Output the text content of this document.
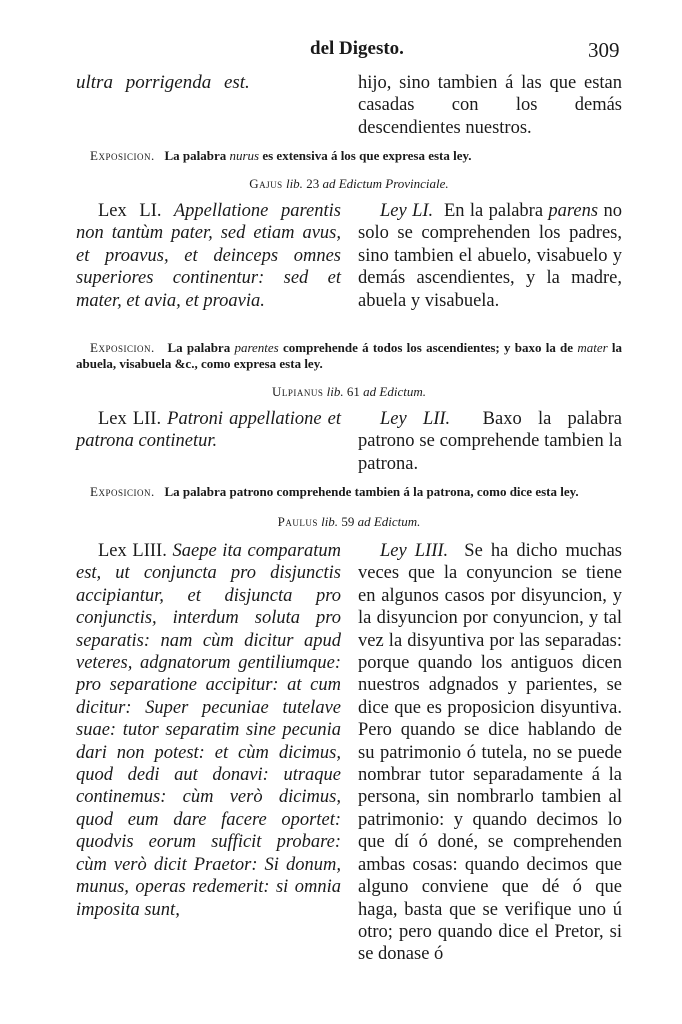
del Digesto.	309
ultra porrigenda est.	hijo, sino tambien á las que estan casadas con los demás descendientes nuestros.
Exposicion. La palabra nurus es extensiva á los que expresa esta ley.
Gajus lib. 23 ad Edictum Provinciale.
Lex LI. Appellatione parentis non tantùm pater, sed etiam avus, et proavus, et deinceps omnes superiores continentur: sed et mater, et avia, et proavia.
Ley LI. En la palabra parens no solo se comprehenden los padres, sino tambien el abuelo, visabuelo y demás ascendientes, y la madre, abuela y visabuela.
Exposicion. La palabra parentes comprehende á todos los ascendientes; y baxo la de mater la abuela, visabuela &c., como expresa esta ley.
Ulpianus lib. 61 ad Edictum.
Lex LII. Patroni appellatione et patrona continetur.
Ley LII. Baxo la palabra patrono se comprehende tambien la patrona.
Exposicion. La palabra patrono comprehende tambien á la patrona, como dice esta ley.
Paulus lib. 59 ad Edictum.
Lex LIII. Saepe ita comparatum est, ut conjuncta pro disjunctis accipiantur, et disjuncta pro conjunctis, interdum soluta pro separatis: nam cùm dicitur apud veteres, adgnatorum gentiliumque: pro separatione accipitur: at cum dicitur: Super pecuniae tutelave suae: tutor separatim sine pecunia dari non potest: et cùm dicimus, quod dedi aut donavi: utraque continemus: cùm verò dicimus, quod eum dare facere oportet: quodvis eorum sufficit probare: cùm verò dicit Praetor: Si donum, munus, operas redemerit: si omnia imposita sunt,
Ley LIII. Se ha dicho muchas veces que la conyuncion se tiene en algunos casos por disyuncion, y la disyuncion por conyuncion, y tal vez la disyuntiva por las separadas: porque quando los antiguos dicen nuestros adgnados y parientes, se dice que es proposicion disyuntiva. Pero quando se dice hablando de su patrimonio ó tutela, no se puede nombrar tutor separadamente á la persona, sin nombrarlo tambien al patrimonio: y quando decimos lo que dí ó doné, se comprehenden ambas cosas: quando decimos que alguno conviene que dé ó que haga, basta que se verifique uno ú otro; pero quando dice el Pretor, si se donase ó
